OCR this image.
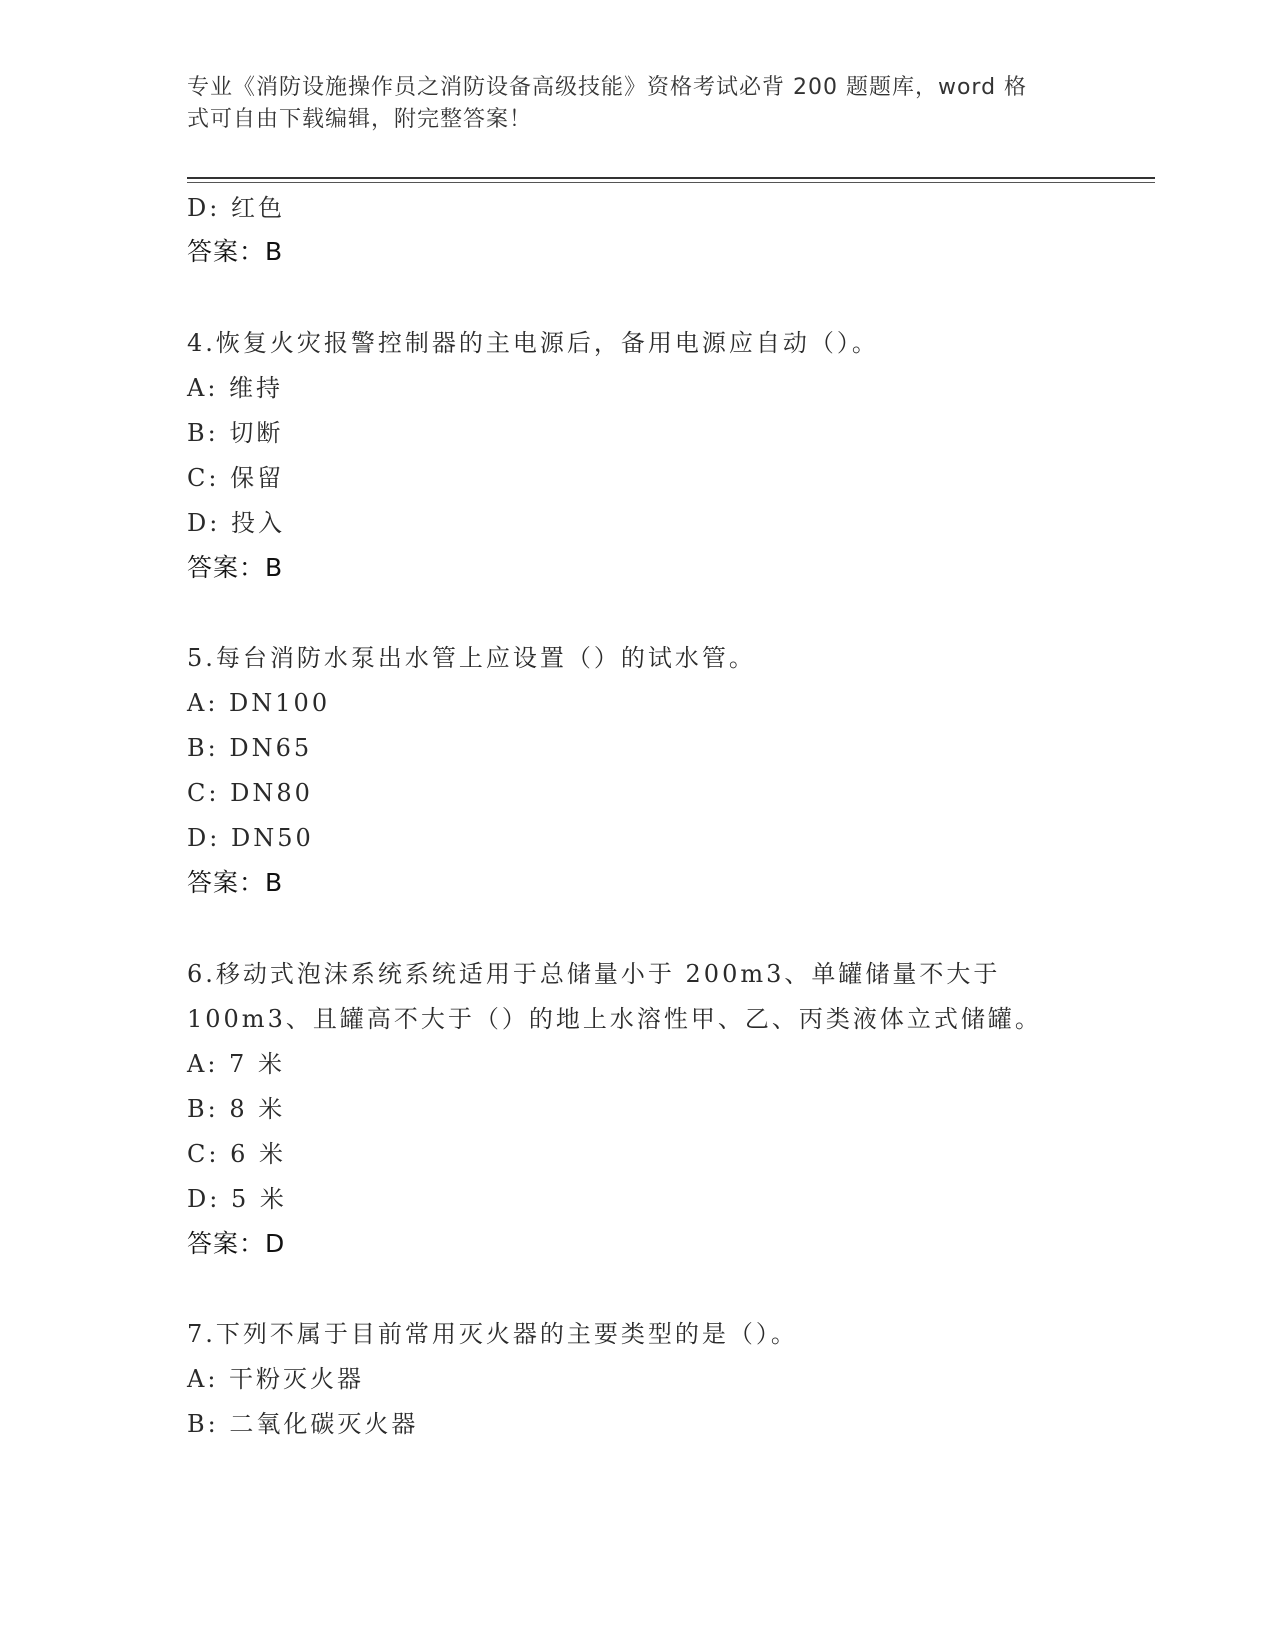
专业《消防设施操作员之消防设备高级技能》资格考试必背 200 题题库，word 格
式可自由下载编辑，附完整答案！
D: 红色
答案：B
4.恢复火灾报警控制器的主电源后，备用电源应自动（）。
A: 维持
B: 切断
C: 保留
D: 投入
答案：B
5.每台消防水泵出水管上应设置（）的试水管。
A: DN100
B: DN65
C: DN80
D: DN50
答案：B
6.移动式泡沫系统系统适用于总储量小于 200m3、单罐储量不大于
100m3、且罐高不大于（）的地上水溶性甲、乙、丙类液体立式储罐。
A: 7 米
B: 8 米
C: 6 米
D: 5 米
答案：D
7.下列不属于目前常用灭火器的主要类型的是（）。
A: 干粉灭火器
B: 二氧化碳灭火器
